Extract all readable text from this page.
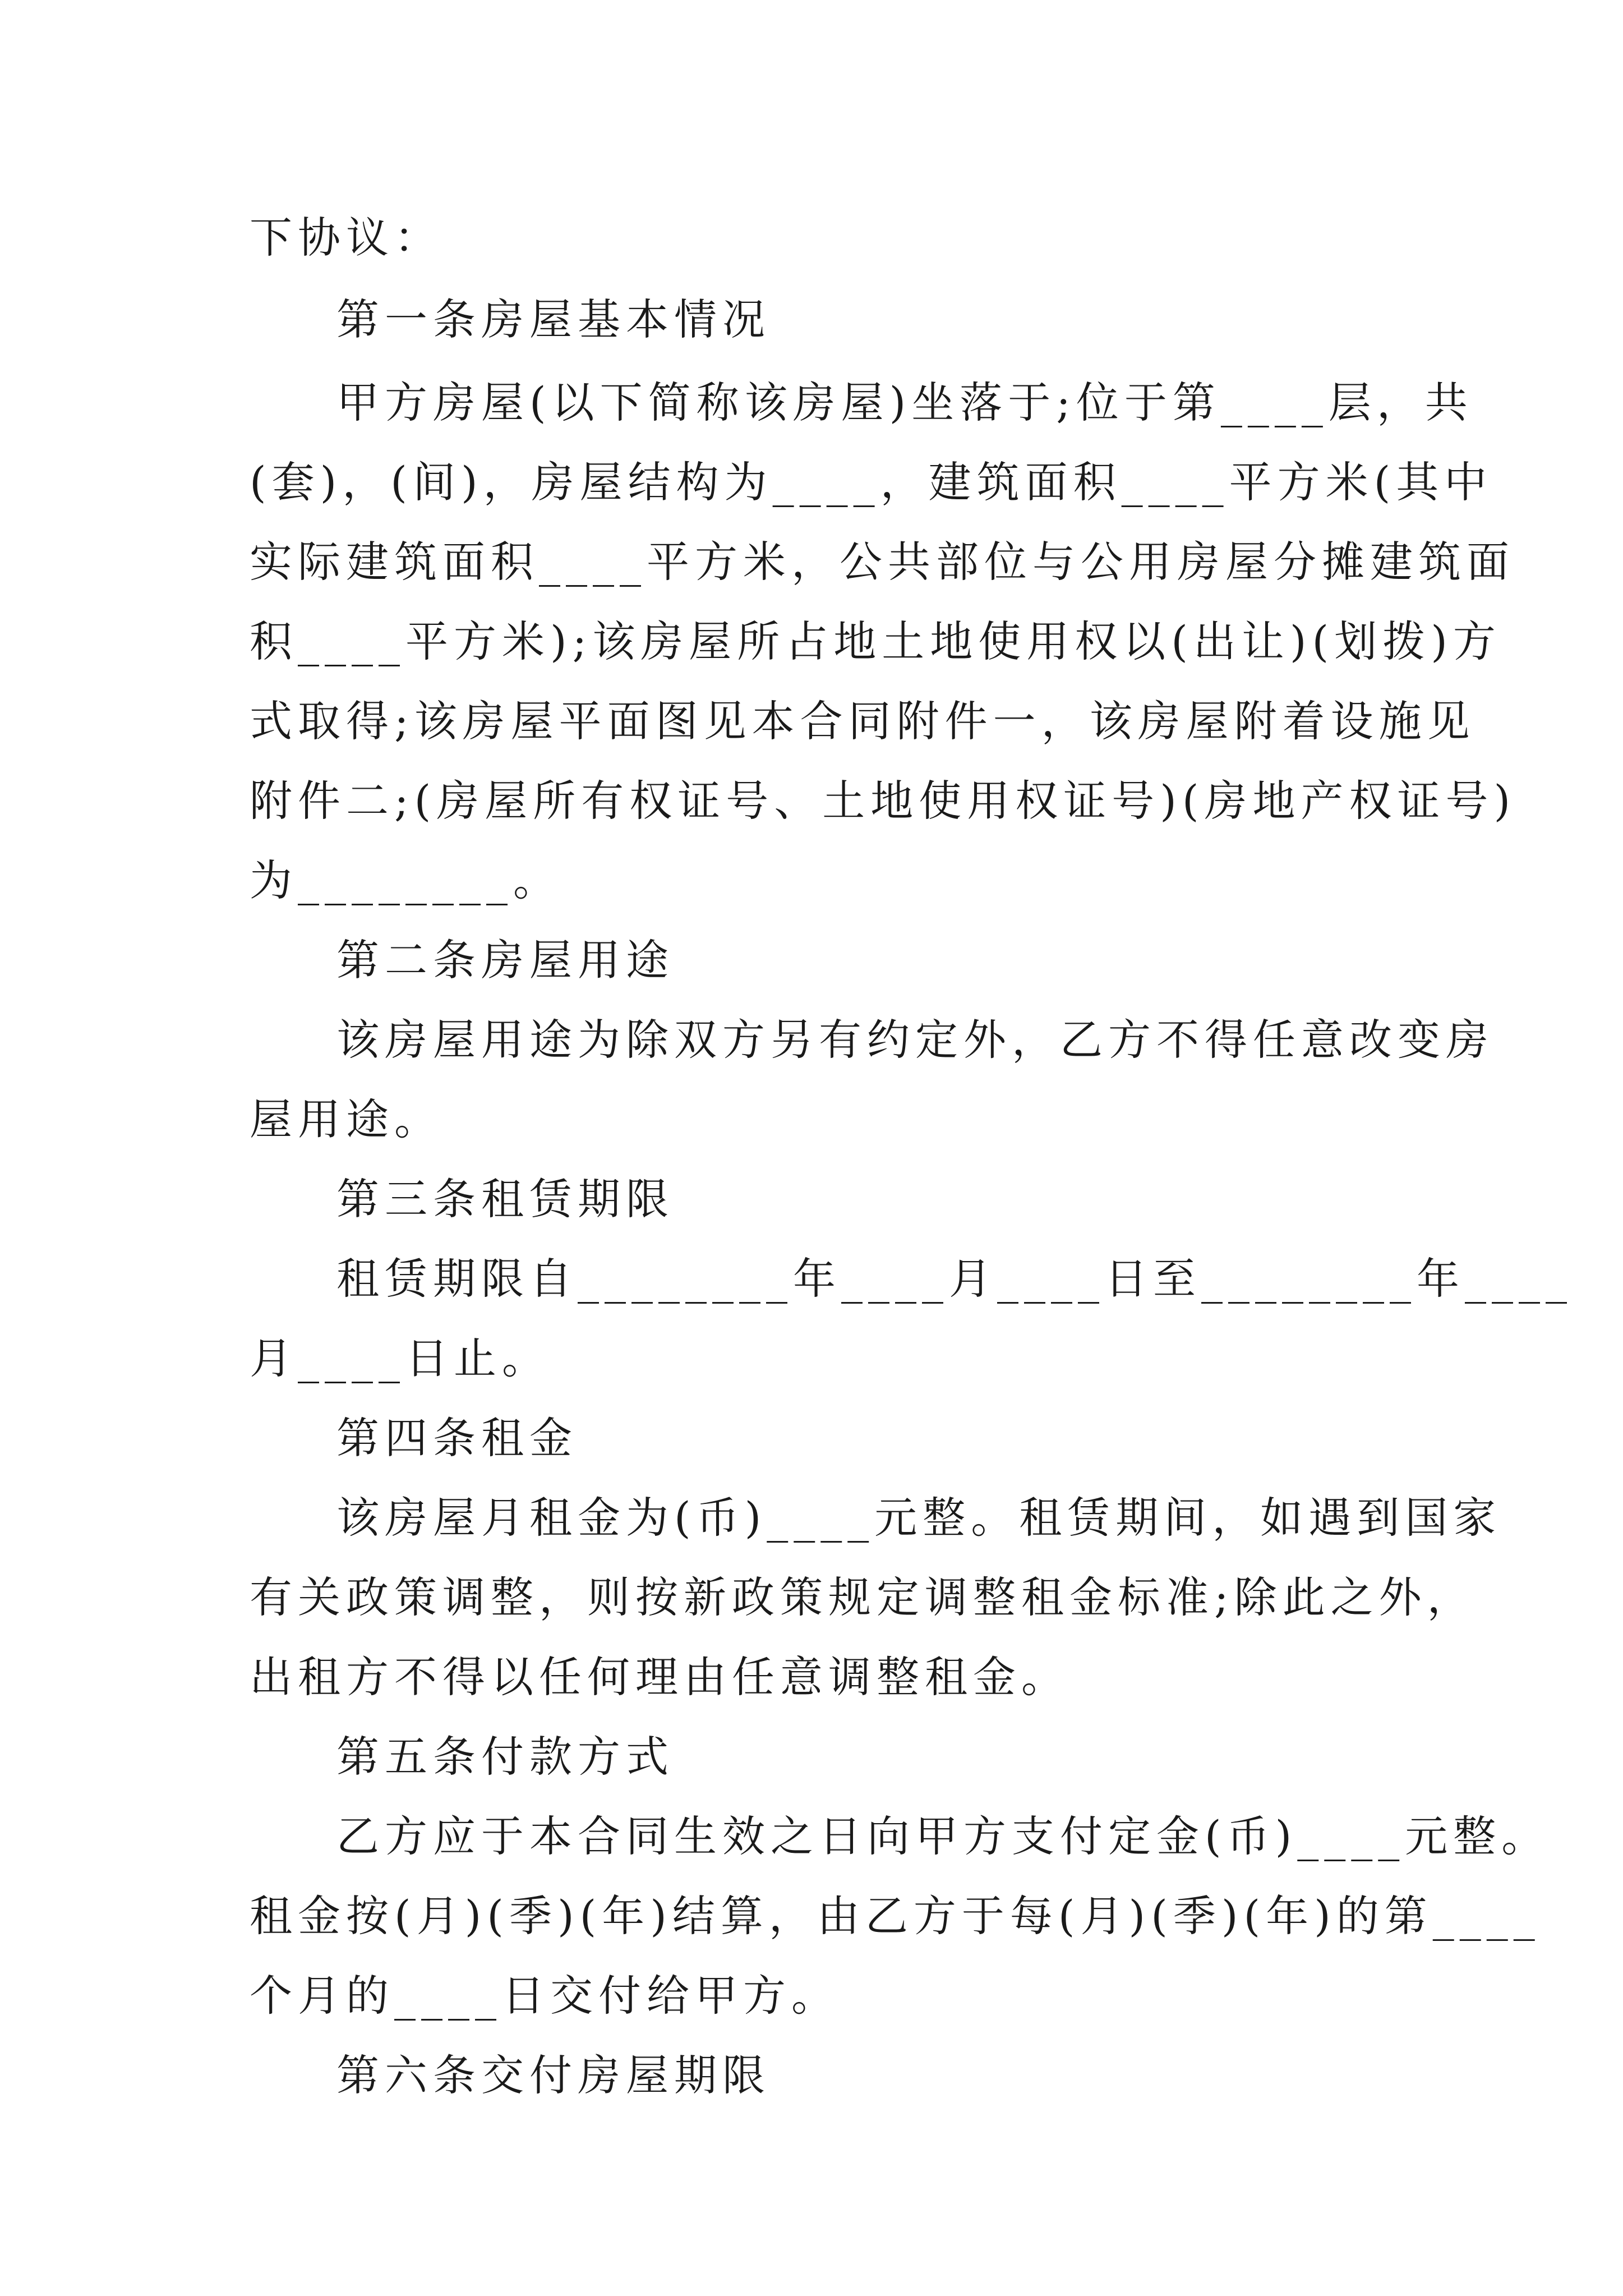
下协议：
第一条房屋基本情况
甲方房屋(以下简称该房屋)坐落于;位于第____层，共
(套)，(间)，房屋结构为____，建筑面积____平方米(其中
实际建筑面积____平方米，公共部位与公用房屋分摊建筑面
积____平方米);该房屋所占地土地使用权以(出让)(划拨)方
式取得;该房屋平面图见本合同附件一，该房屋附着设施见
附件二;(房屋所有权证号、土地使用权证号)(房地产权证号)
为________。
第二条房屋用途
该房屋用途为除双方另有约定外，乙方不得任意改变房
屋用途。
第三条租赁期限
租赁期限自________年____月____日至________年____
月____日止。
第四条租金
该房屋月租金为(币)____元整。租赁期间，如遇到国家
有关政策调整，则按新政策规定调整租金标准;除此之外，
出租方不得以任何理由任意调整租金。
第五条付款方式
乙方应于本合同生效之日向甲方支付定金(币)____元整。
租金按(月)(季)(年)结算，由乙方于每(月)(季)(年)的第____
个月的____日交付给甲方。
第六条交付房屋期限
